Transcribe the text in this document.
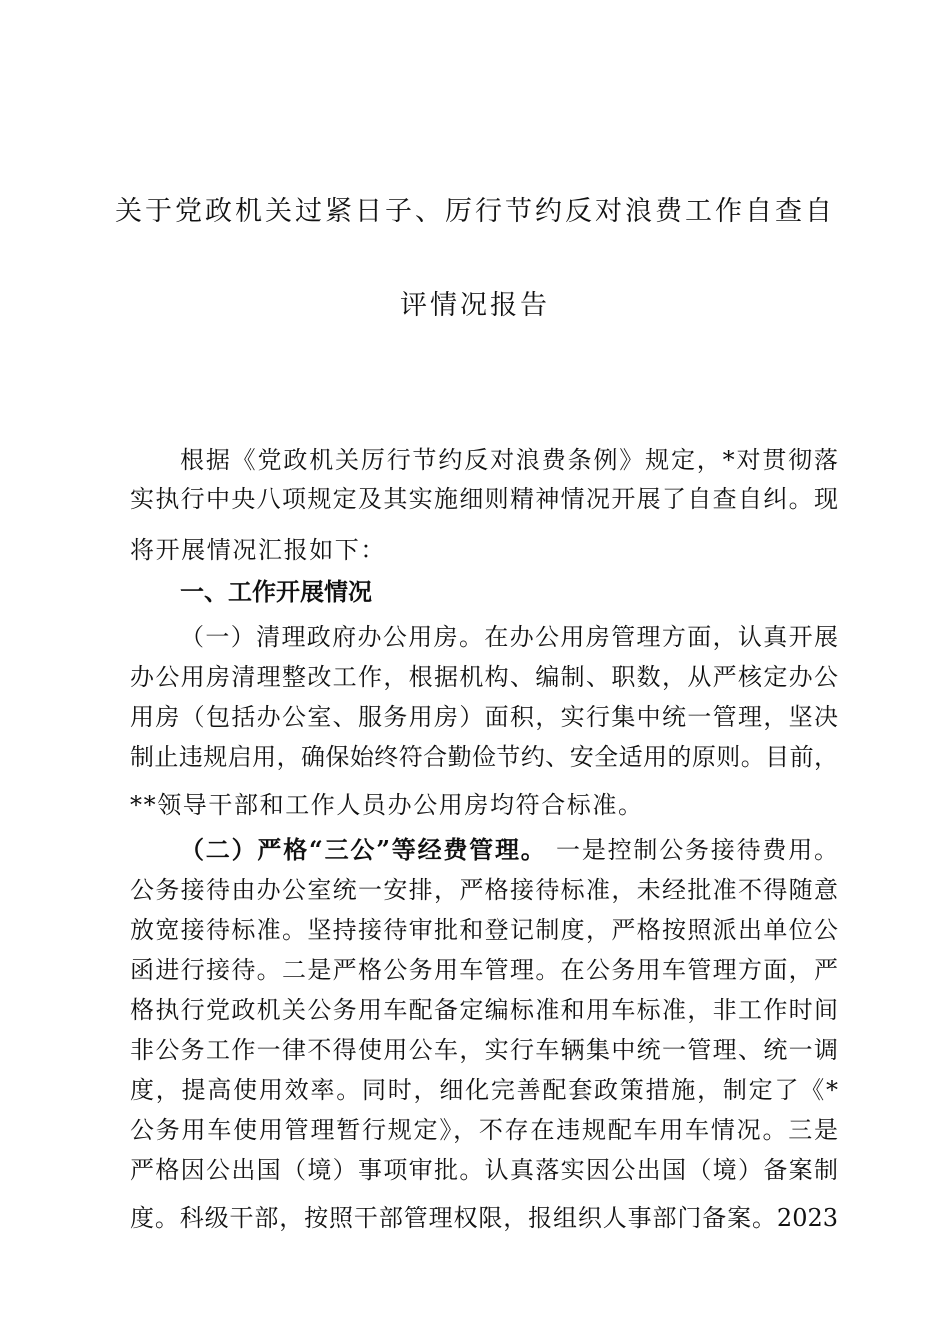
关于党政机关过紧日子、厉行节约反对浪费工作自查自
评情况报告
根据《党政机关厉行节约反对浪费条例》规定，*对贯彻落
实执行中央八项规定及其实施细则精神情况开展了自查自纠。现
将开展情况汇报如下：
一、工作开展情况
（一）清理政府办公用房。在办公用房管理方面，认真开展
办公用房清理整改工作，根据机构、编制、职数，从严核定办公
用房（包括办公室、服务用房）面积，实行集中统一管理，坚决
制止违规启用，确保始终符合勤俭节约、安全适用的原则。目前，
**领导干部和工作人员办公用房均符合标准。
（二）严格“三公”等经费管理。 一是控制公务接待费用。
公务接待由办公室统一安排，严格接待标准，未经批准不得随意
放宽接待标准。坚持接待审批和登记制度，严格按照派出单位公
函进行接待。二是严格公务用车管理。在公务用车管理方面，严
格执行党政机关公务用车配备定编标准和用车标准，非工作时间
非公务工作一律不得使用公车，实行车辆集中统一管理、统一调
度，提高使用效率。同时，细化完善配套政策措施，制定了《*
公务用车使用管理暂行规定》，不存在违规配车用车情况。三是
严格因公出国（境）事项审批。认真落实因公出国（境）备案制
度。科级干部，按照干部管理权限，报组织人事部门备案。2023
